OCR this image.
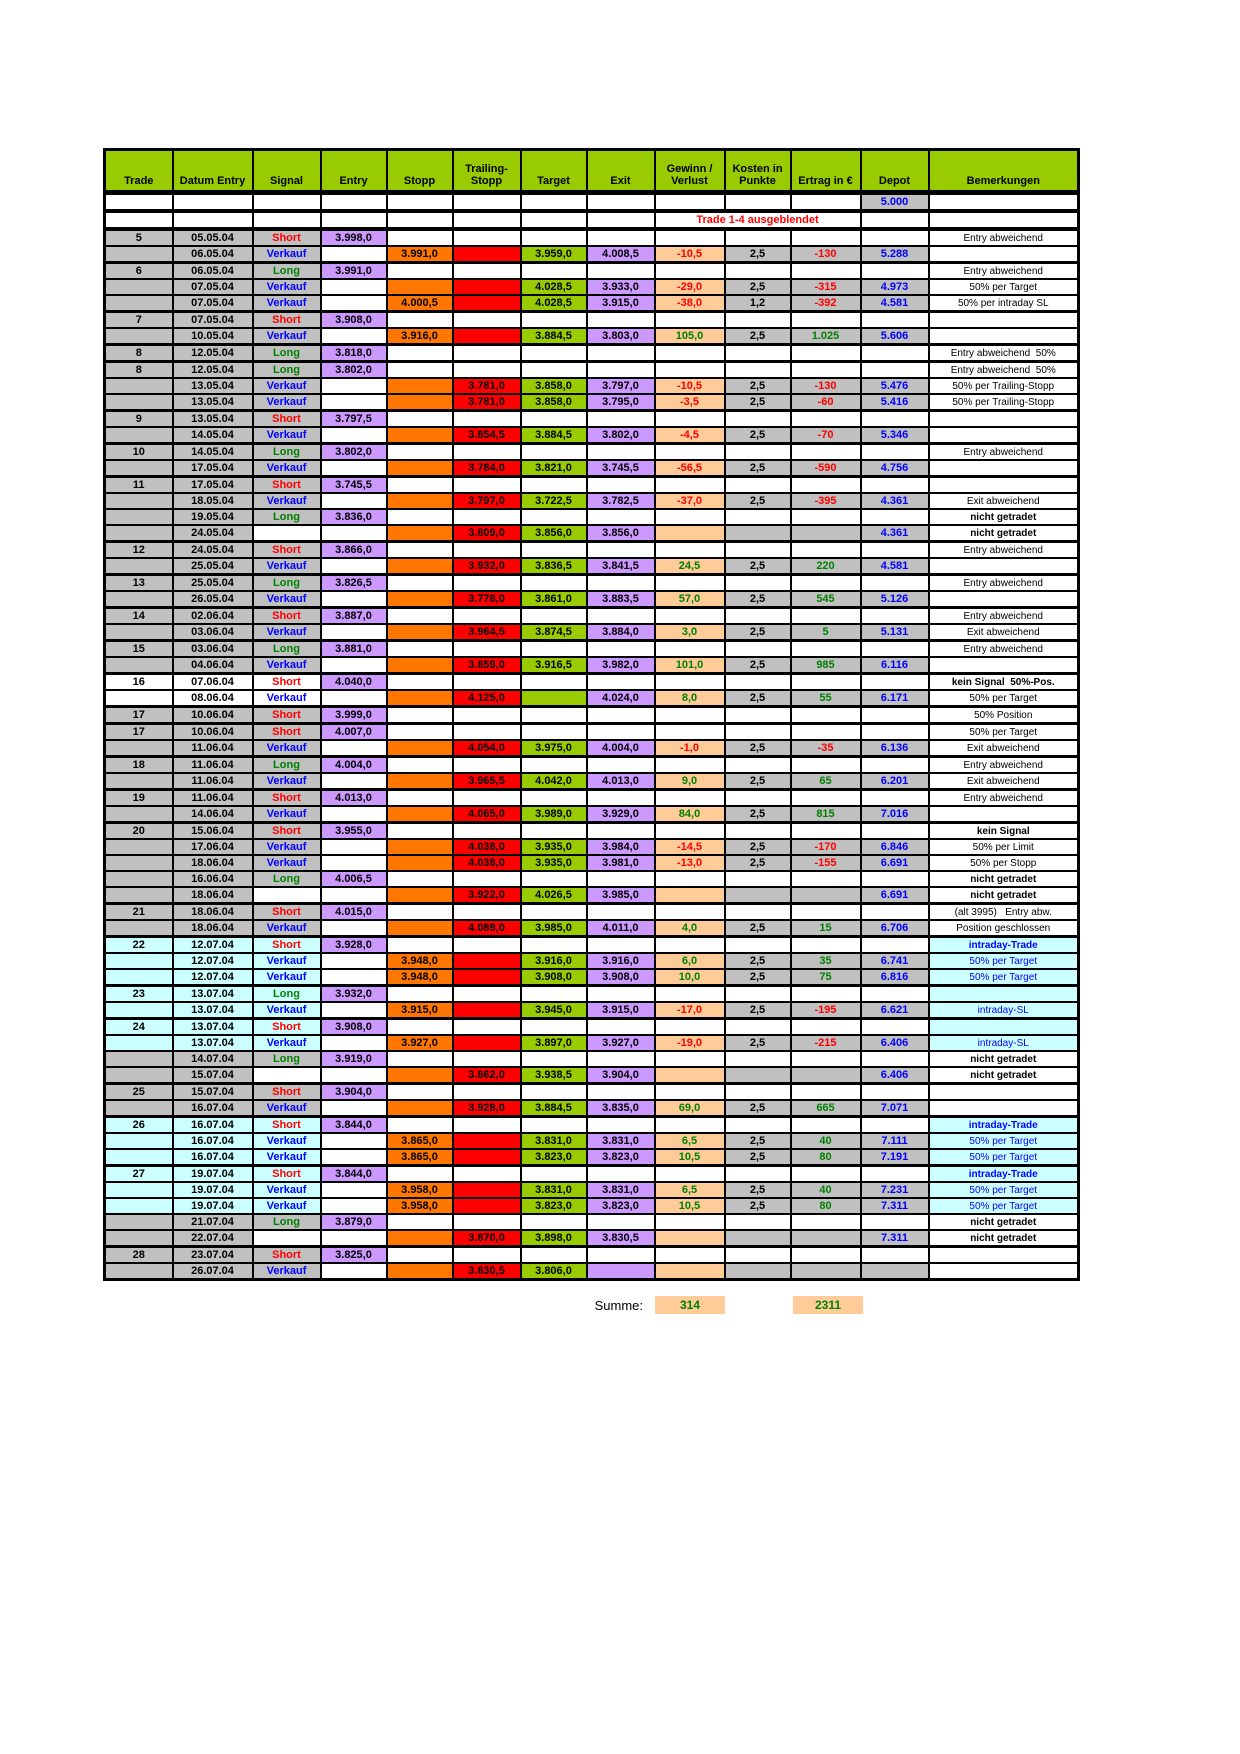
Trade	Datum Entry	Signal	Entry	Stopp	Trailing-Stopp	Target	Exit	Gewinn / Verlust	Kosten in Punkte	Ertrag in €	Depot	Bemerkungen
											5.000	
								Trade 1-4 ausgeblendet				
5	05.05.04	Short	3.998,0									Entry abweichend
	06.05.04	Verkauf		3.991,0		3.959,0	4.008,5	-10,5	2,5	-130	5.288	
6	06.05.04	Long	3.991,0									Entry abweichend
	07.05.04	Verkauf				4.028,5	3.933,0	-29,0	2,5	-315	4.973	50% per Target
	07.05.04	Verkauf		4.000,5		4.028,5	3.915,0	-38,0	1,2	-392	4.581	50% per intraday SL
7	07.05.04	Short	3.908,0									
	10.05.04	Verkauf		3.916,0		3.884,5	3.803,0	105,0	2,5	1.025	5.606	
8	12.05.04	Long	3.818,0									Entry abweichend  50%
8	12.05.04	Long	3.802,0									Entry abweichend  50%
	13.05.04	Verkauf			3.781,0	3.858,0	3.797,0	-10,5	2,5	-130	5.476	50% per Trailing-Stopp
	13.05.04	Verkauf			3.781,0	3.858,0	3.795,0	-3,5	2,5	-60	5.416	50% per Trailing-Stopp
9	13.05.04	Short	3.797,5									
	14.05.04	Verkauf			3.854,5	3.884,5	3.802,0	-4,5	2,5	-70	5.346	
10	14.05.04	Long	3.802,0									Entry abweichend
	17.05.04	Verkauf			3.784,0	3.821,0	3.745,5	-56,5	2,5	-590	4.756	
11	17.05.04	Short	3.745,5									
	18.05.04	Verkauf			3.797,0	3.722,5	3.782,5	-37,0	2,5	-395	4.361	Exit abweichend
	19.05.04	Long	3.836,0									nicht getradet
	24.05.04				3.809,0	3.856,0	3.856,0				4.361	nicht getradet
12	24.05.04	Short	3.866,0									Entry abweichend
	25.05.04	Verkauf			3.932,0	3.836,5	3.841,5	24,5	2,5	220	4.581	
13	25.05.04	Long	3.826,5									Entry abweichend
	26.05.04	Verkauf			3.778,0	3.861,0	3.883,5	57,0	2,5	545	5.126	
14	02.06.04	Short	3.887,0									Entry abweichend
	03.06.04	Verkauf			3.964,5	3.874,5	3.884,0	3,0	2,5	5	5.131	Exit abweichend
15	03.06.04	Long	3.881,0									Entry abweichend
	04.06.04	Verkauf			3.859,0	3.916,5	3.982,0	101,0	2,5	985	6.116	
16	07.06.04	Short	4.040,0									kein Signal  50%-Pos.
	08.06.04	Verkauf			4.125,0		4.024,0	8,0	2,5	55	6.171	50% per Target
17	10.06.04	Short	3.999,0									50% Position
17	10.06.04	Short	4.007,0									50% per Target
	11.06.04	Verkauf			4.054,0	3.975,0	4.004,0	-1,0	2,5	-35	6.136	Exit abweichend
18	11.06.04	Long	4.004,0									Entry abweichend
	11.06.04	Verkauf			3.965,5	4.042,0	4.013,0	9,0	2,5	65	6.201	Exit abweichend
19	11.06.04	Short	4.013,0									Entry abweichend
	14.06.04	Verkauf			4.065,0	3.989,0	3.929,0	84,0	2,5	815	7.016	
20	15.06.04	Short	3.955,0									kein Signal
	17.06.04	Verkauf			4.038,0	3.935,0	3.984,0	-14,5	2,5	-170	6.846	50% per Limit
	18.06.04	Verkauf			4.038,0	3.935,0	3.981,0	-13,0	2,5	-155	6.691	50% per Stopp
	16.06.04	Long	4.006,5									nicht getradet
	18.06.04				3.922,0	4.026,5	3.985,0				6.691	nicht getradet
21	18.06.04	Short	4.015,0									(alt 3995)   Entry abw.
	18.06.04	Verkauf			4.089,0	3.985,0	4.011,0	4,0	2,5	15	6.706	Position geschlossen
22	12.07.04	Short	3.928,0									intraday-Trade
	12.07.04	Verkauf		3.948,0		3.916,0	3.916,0	6,0	2,5	35	6.741	50% per Target
	12.07.04	Verkauf		3.948,0		3.908,0	3.908,0	10,0	2,5	75	6.816	50% per Target
23	13.07.04	Long	3.932,0									
	13.07.04	Verkauf		3.915,0		3.945,0	3.915,0	-17,0	2,5	-195	6.621	intraday-SL
24	13.07.04	Short	3.908,0									
	13.07.04	Verkauf		3.927,0		3.897,0	3.927,0	-19,0	2,5	-215	6.406	intraday-SL
	14.07.04	Long	3.919,0									nicht getradet
	15.07.04				3.862,0	3.938,5	3.904,0				6.406	nicht getradet
25	15.07.04	Short	3.904,0									
	16.07.04	Verkauf			3.928,0	3.884,5	3.835,0	69,0	2,5	665	7.071	
26	16.07.04	Short	3.844,0									intraday-Trade
	16.07.04	Verkauf		3.865,0		3.831,0	3.831,0	6,5	2,5	40	7.111	50% per Target
	16.07.04	Verkauf		3.865,0		3.823,0	3.823,0	10,5	2,5	80	7.191	50% per Target
27	19.07.04	Short	3.844,0									intraday-Trade
	19.07.04	Verkauf		3.958,0		3.831,0	3.831,0	6,5	2,5	40	7.231	50% per Target
	19.07.04	Verkauf		3.958,0		3.823,0	3.823,0	10,5	2,5	80	7.311	50% per Target
	21.07.04	Long	3.879,0									nicht getradet
	22.07.04				3.870,0	3.898,0	3.830,5				7.311	nicht getradet
28	23.07.04	Short	3.825,0									
	26.07.04	Verkauf			3.830,5	3.806,0						
Summe:	314	2311
